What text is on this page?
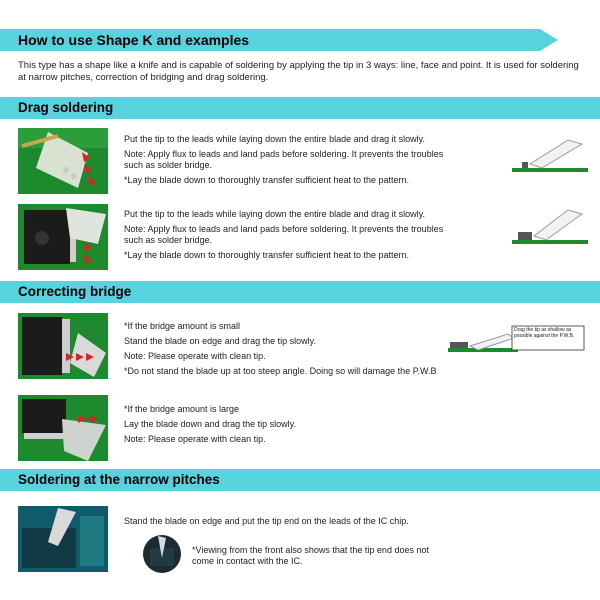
How to use Shape K and examples
This type has a shape like a knife and is capable of soldering by applying the tip in 3 ways: line, face and point. It is used for soldering at narrow pitches, correction of bridging and drag soldering.
Drag soldering

Put the tip to the leads while laying down the entire blade and drag it slowly.

Note: Apply flux to leads and land pads before soldering. It prevents the troubles such as solder bridge.

*Lay the blade down to thoroughly transfer sufficient heat to the pattern.

Put the tip to the leads while laying down the entire blade and drag it slowly.

Note: Apply flux to leads and land pads before soldering. It prevents the troubles such as solder bridge.

*Lay the blade down to thoroughly transfer sufficient heat to the pattern.

Correcting bridge

*If the bridge amount is small

Stand the blade on edge and drag the tip slowly.

Note: Please operate with clean tip.

*Do not stand the blade up at too steep angle. Doing so will damage the P.W.B

Drag the tip as shallow as possible against the P.W.B.

*If the bridge amount is large

Lay the blade down and drag the tip slowly.

Note: Please operate with clean tip.

Soldering at the narrow pitches
Stand the blade on edge and put the tip end on the leads of the IC chip.
*Viewing from the front also shows that the tip end does not come in contact with the IC.
